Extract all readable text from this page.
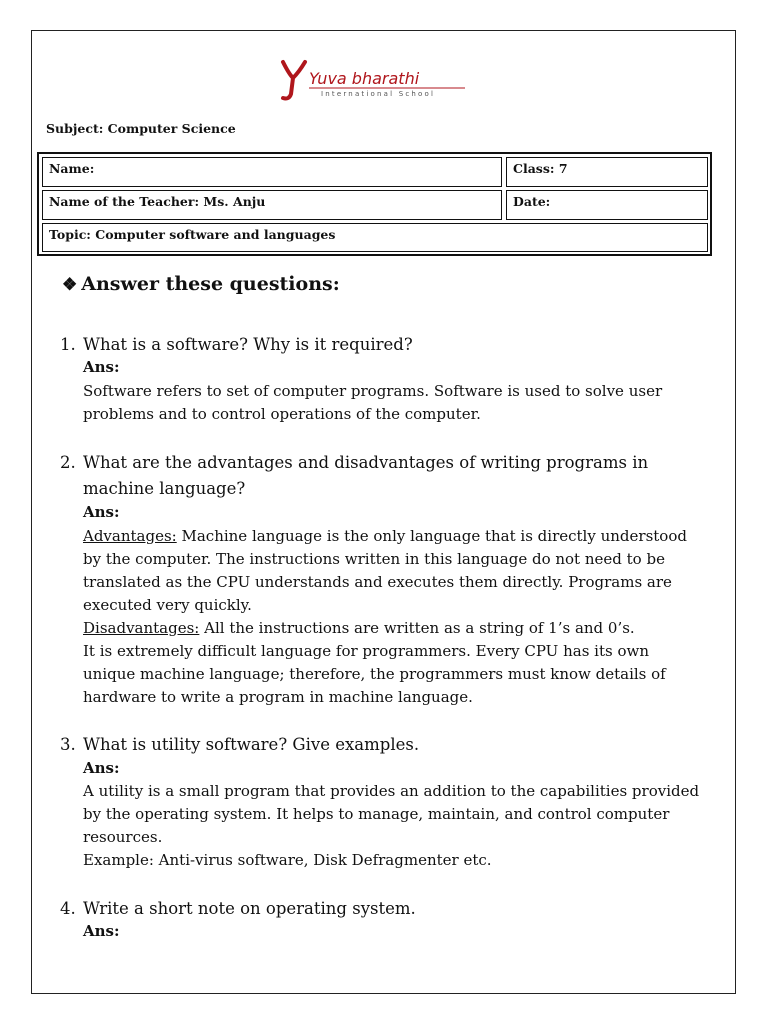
Yuva bharathi
International School
Subject: Computer Science
Name:	Class: 7
Name of the Teacher: Ms. Anju	Date:
Topic: Computer software and languages
❖ Answer these questions:
1. What is a software? Why is it required?
Ans:
Software refers to set of computer programs. Software is used to solve user problems and to control operations of the computer.
2. What are the advantages and disadvantages of writing programs in machine language?
Ans:
Advantages: Machine language is the only language that is directly understood by the computer. The instructions written in this language do not need to be translated as the CPU understands and executes them directly. Programs are executed very quickly.
Disadvantages: All the instructions are written as a string of 1’s and 0’s.
It is extremely difficult language for programmers. Every CPU has its own unique machine language; therefore, the programmers must know details of hardware to write a program in machine language.
3. What is utility software? Give examples.
Ans:
A utility is a small program that provides an addition to the capabilities provided by the operating system. It helps to manage, maintain, and control computer resources.
Example: Anti-virus software, Disk Defragmenter etc.
4. Write a short note on operating system.
Ans:
